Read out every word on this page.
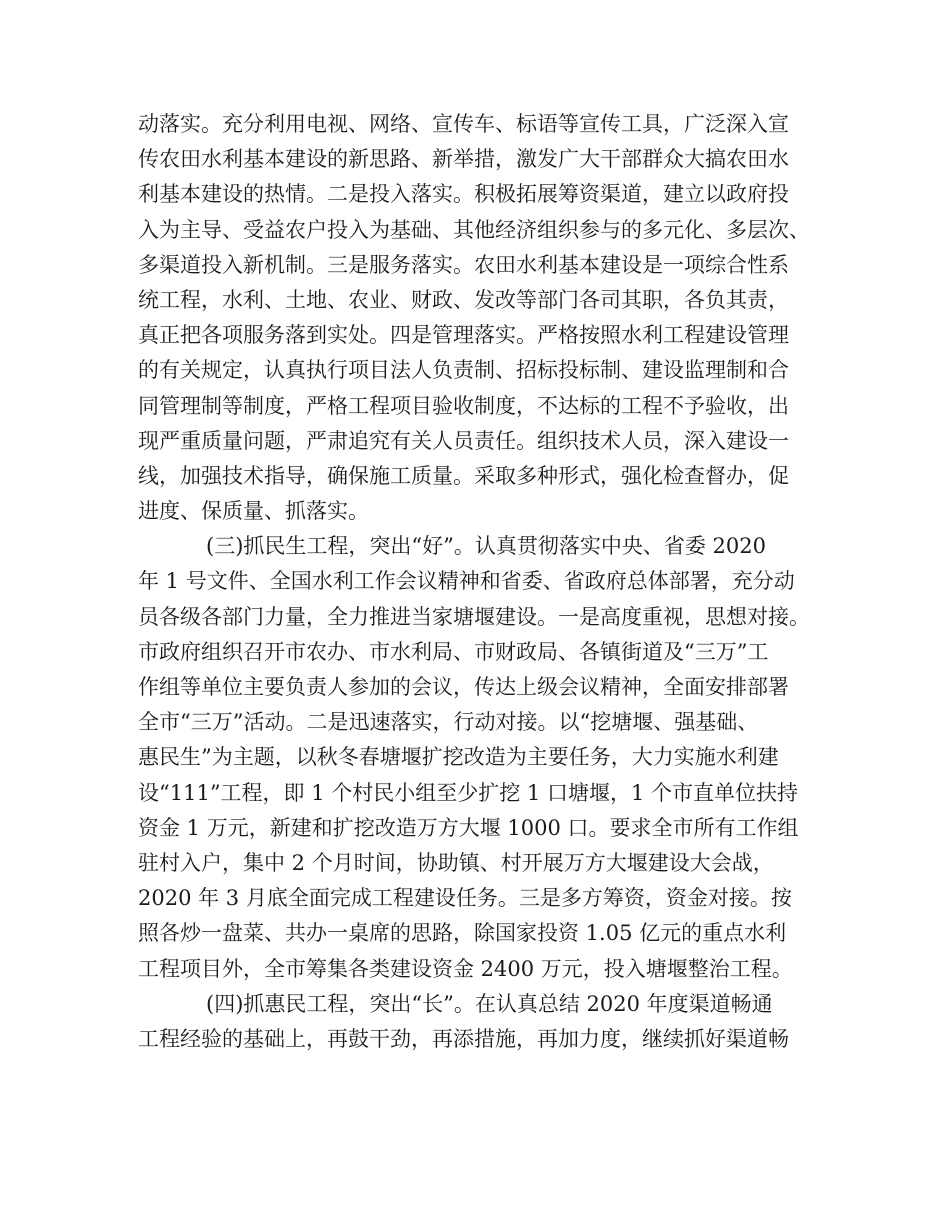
动落实。充分利用电视、网络、宣传车、标语等宣传工具，广泛深入宣
传农田水利基本建设的新思路、新举措，激发广大干部群众大搞农田水
利基本建设的热情。二是投入落实。积极拓展筹资渠道，建立以政府投
入为主导、受益农户投入为基础、其他经济组织参与的多元化、多层次、
多渠道投入新机制。三是服务落实。农田水利基本建设是一项综合性系
统工程，水利、土地、农业、财政、发改等部门各司其职，各负其责，
真正把各项服务落到实处。四是管理落实。严格按照水利工程建设管理
的有关规定，认真执行项目法人负责制、招标投标制、建设监理制和合
同管理制等制度，严格工程项目验收制度，不达标的工程不予验收，出
现严重质量问题，严肃追究有关人员责任。组织技术人员，深入建设一
线，加强技术指导，确保施工质量。采取多种形式，强化检查督办，促
进度、保质量、抓落实。
(三)抓民生工程，突出“好”。认真贯彻落实中央、省委 2020
年 1 号文件、全国水利工作会议精神和省委、省政府总体部署，充分动
员各级各部门力量，全力推进当家塘堰建设。一是高度重视，思想对接。
市政府组织召开市农办、市水利局、市财政局、各镇街道及“三万”工
作组等单位主要负责人参加的会议，传达上级会议精神，全面安排部署
全市“三万”活动。二是迅速落实，行动对接。以“挖塘堰、强基础、
惠民生”为主题，以秋冬春塘堰扩挖改造为主要任务，大力实施水利建
设“111”工程，即 1 个村民小组至少扩挖 1 口塘堰，1 个市直单位扶持
资金 1 万元，新建和扩挖改造万方大堰 1000 口。要求全市所有工作组
驻村入户，集中 2 个月时间，协助镇、村开展万方大堰建设大会战，
2020 年 3 月底全面完成工程建设任务。三是多方筹资，资金对接。按
照各炒一盘菜、共办一桌席的思路，除国家投资 1.05 亿元的重点水利
工程项目外，全市筹集各类建设资金 2400 万元，投入塘堰整治工程。
(四)抓惠民工程，突出“长”。在认真总结 2020 年度渠道畅通
工程经验的基础上，再鼓干劲，再添措施，再加力度，继续抓好渠道畅
